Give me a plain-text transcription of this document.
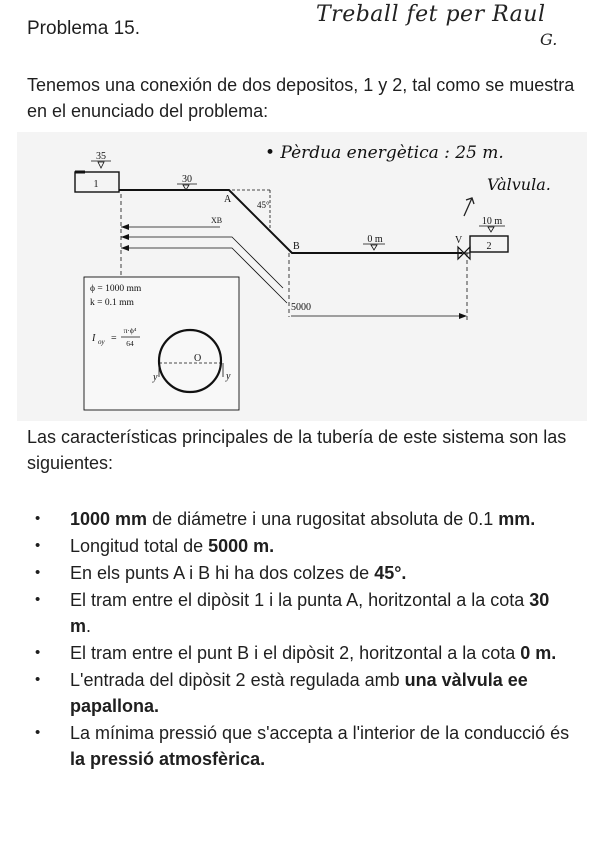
Problema 15.
Treball fet per Raul
G.
Tenemos una conexión de dos depositos, 1 y 2, tal como se muestra en el enunciado del problema:
• Pèrdua energètica : 25 m.
Vàlvula.
1
35
30
A	45°
XB
5000
B
0 m	V
2
10 m
ϕ = 1000 mm
k = 0.1 mm
I oy =
π·ϕ⁴
64
O
y	y
Las características principales de la tubería de este sistema son las siguientes:
• 1000 mm de diámetre i una rugositat absoluta de 0.1 mm.
• Longitud total de 5000 m.
• En els punts A i B hi ha dos colzes de 45°.
• El tram entre el dipòsit 1 i la punta A, horitzontal a la cota 30 m.
• El tram entre el punt B i el dipòsit 2, horitzontal a la cota 0 m.
• L'entrada del dipòsit 2 està regulada amb una vàlvula ee papallona.
• La mínima pressió que s'accepta a l'interior de la conducció és la pressió atmosfèrica.
